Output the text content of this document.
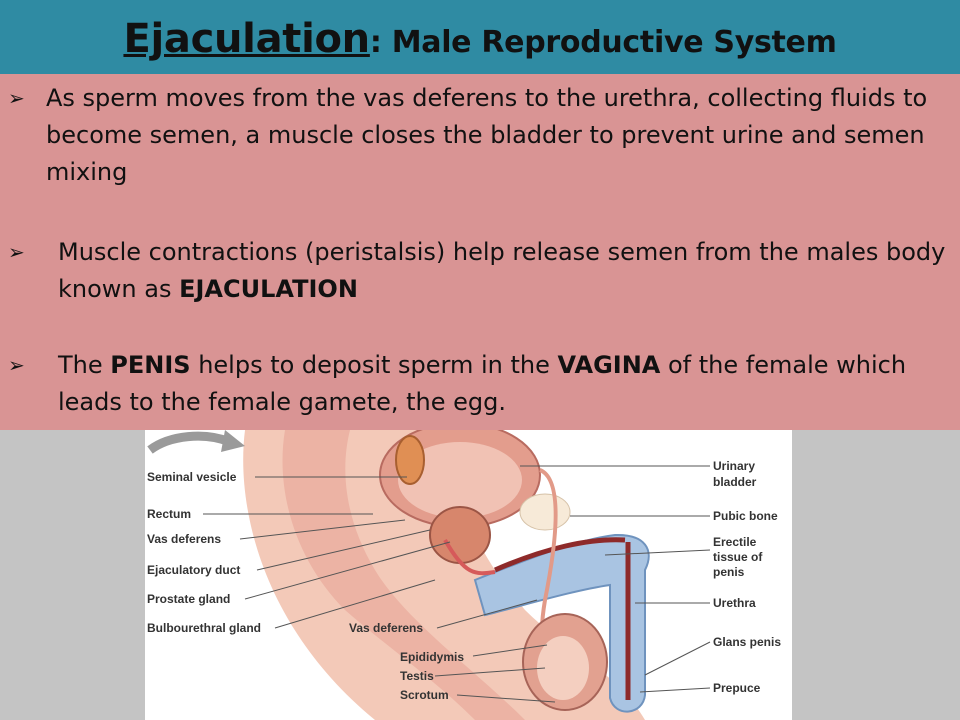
Ejaculation: Male Reproductive System
➢ As sperm moves from the vas deferens to the urethra, collecting fluids to become semen, a muscle closes the bladder to prevent urine and semen mixing
➢	Muscle contractions (peristalsis) help release semen from the males body known as EJACULATION
➢	The PENIS helps to deposit sperm in the VAGINA of the female which leads to the female gamete, the egg.
Seminal vesicle
Rectum
Vas deferens
Ejaculatory duct
Prostate gland
Bulbourethral gland	Vas deferens
Epididymis
Testis
Scrotum
Urinary
bladder
Pubic bone
Erectile
tissue of
penis
Urethra
Glans penis
Prepuce
